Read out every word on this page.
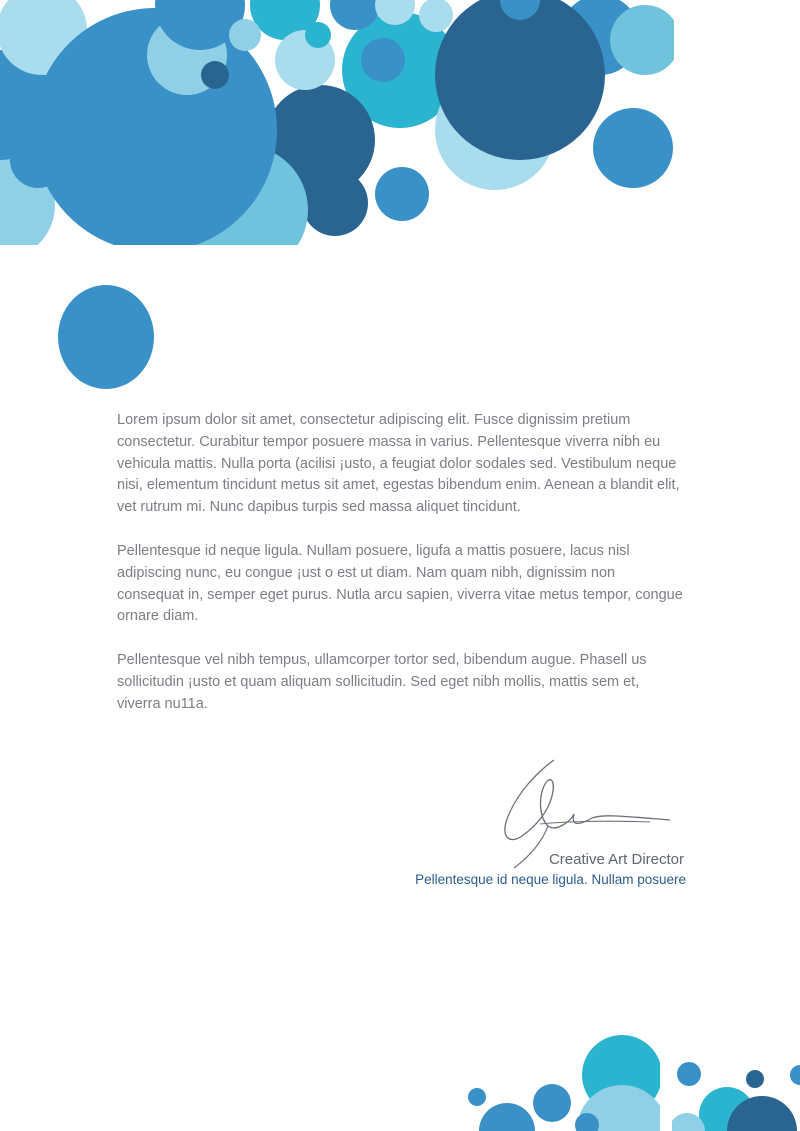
Lorem ipsum dolor sit amet, consectetur adipiscing elit. Fusce dignissim pretium consectetur. Curabitur tempor posuere massa in varius. Pellentesque viverra nibh eu vehicula mattis. Nulla porta (acilisi ¡usto, a feugiat dolor sodales sed. Vestibulum neque nisi, elementum tincidunt metus sit amet, egestas bibendum enim. Aenean a blandit elit, vet rutrum mi. Nunc dapibus turpis sed massa aliquet tincidunt.

Pellentesque id neque ligula. Nullam posuere, ligufa a mattis posuere, lacus nisl adipiscing nunc, eu congue ¡ust o est ut diam. Nam quam nibh, dignissim non consequat in, semper eget purus. Nutla arcu sapien, viverra vitae metus tempor, congue ornare diam.

Pellentesque vel nibh tempus, ullamcorper tortor sed, bibendum augue. Phasell us sollicitudin ¡usto et quam aliquam sollicitudin. Sed eget nibh mollis, mattis sem et, viverra nu11a.

Creative Art Director
Pellentesque id neque ligula. Nullam posuere
